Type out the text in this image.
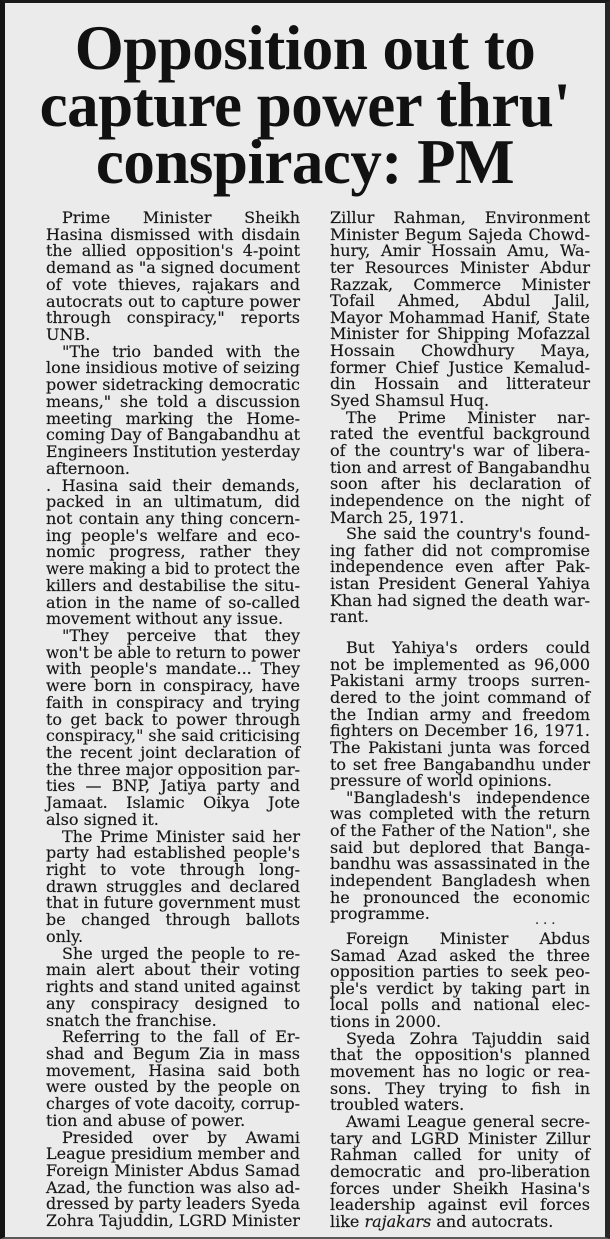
Opposition out to
capture power thru'
conspiracy: PM
Prime Minister Sheikh
Hasina dismissed with disdain
the allied opposition's 4-point
demand as "a signed document
of vote thieves, rajakars and
autocrats out to capture power
through conspiracy," reports
UNB.
"The trio banded with the
lone insidious motive of seizing
power sidetracking democratic
means," she told a discussion
meeting marking the Home-
coming Day of Bangabandhu at
Engineers Institution yesterday
afternoon.
. Hasina said their demands,
packed in an ultimatum, did
not contain any thing concern-
ing people's welfare and eco-
nomic progress, rather they
were making a bid to protect the
killers and destabilise the situ-
ation in the name of so-called
movement without any issue.
"They perceive that they
won't be able to return to power
with people's mandate... They
were born in conspiracy, have
faith in conspiracy and trying
to get back to power through
conspiracy," she said criticising
the recent joint declaration of
the three major opposition par-
ties — BNP, Jatiya party and
Jamaat. Islamic Oikya Jote
also signed it.
The Prime Minister said her
party had established people's
right to vote through long-
drawn struggles and declared
that in future government must
be changed through ballots
only.
She urged the people to re-
main alert about their voting
rights and stand united against
any conspiracy designed to
snatch the franchise.
Referring to the fall of Er-
shad and Begum Zia in mass
movement, Hasina said both
were ousted by the people on
charges of vote dacoity, corrup-
tion and abuse of power.
Presided over by Awami
League presidium member and
Foreign Minister Abdus Samad
Azad, the function was also ad-
dressed by party leaders Syeda
Zohra Tajuddin, LGRD Minister
Zillur Rahman, Environment
Minister Begum Sajeda Chowd-
hury, Amir Hossain Amu, Wa-
ter Resources Minister Abdur
Razzak, Commerce Minister
Tofail Ahmed, Abdul Jalil,
Mayor Mohammad Hanif, State
Minister for Shipping Mofazzal
Hossain Chowdhury Maya,
former Chief Justice Kemalud-
din Hossain and litterateur
Syed Shamsul Huq.
The Prime Minister nar-
rated the eventful background
of the country's war of libera-
tion and arrest of Bangabandhu
soon after his declaration of
independence on the night of
March 25, 1971.
She said the country's found-
ing father did not compromise
independence even after Pak-
istan President General Yahiya
Khan had signed the death war-
rant.
But Yahiya's orders could
not be implemented as 96,000
Pakistani army troops surren-
dered to the joint command of
the Indian army and freedom
fighters on December 16, 1971.
The Pakistani junta was forced
to set free Bangabandhu under
pressure of world opinions.
"Bangladesh's independence
was completed with the return
of the Father of the Nation", she
said but deplored that Banga-
bandhu was assassinated in the
independent Bangladesh when
he pronounced the economic
programme.	...
Foreign Minister Abdus
Samad Azad asked the three
opposition parties to seek peo-
ple's verdict by taking part in
local polls and national elec-
tions in 2000.
Syeda Zohra Tajuddin said
that the opposition's planned
movement has no logic or rea-
sons. They trying to fish in
troubled waters.
Awami League general secre-
tary and LGRD Minister Zillur
Rahman called for unity of
democratic and pro-liberation
forces under Sheikh Hasina's
leadership against evil forces
like rajakars and autocrats.
